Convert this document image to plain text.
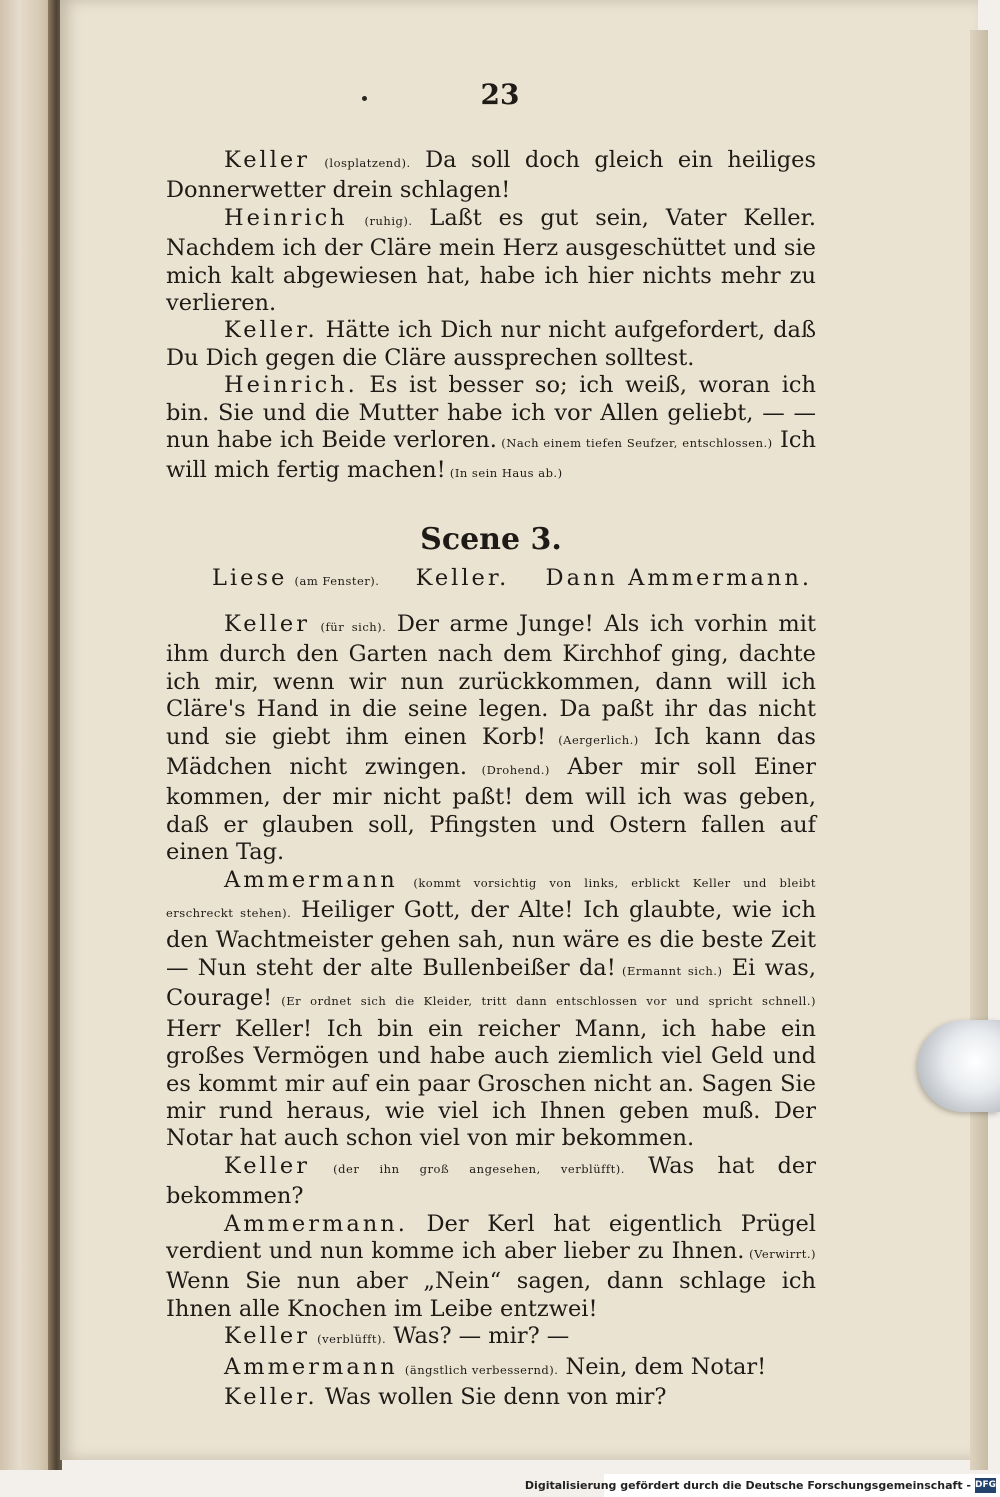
23

Keller (losplatzend). Da soll doch gleich ein heiliges Donnerwetter drein schlagen!

Heinrich (ruhig). Laßt es gut sein, Vater Keller. Nachdem ich der Cläre mein Herz ausgeschüttet und sie mich kalt abgewiesen hat, habe ich hier nichts mehr zu verlieren.

Keller. Hätte ich Dich nur nicht aufgefordert, daß Du Dich gegen die Cläre aussprechen solltest.

Heinrich. Es ist besser so; ich weiß, woran ich bin. Sie und die Mutter habe ich vor Allen geliebt, — — nun habe ich Beide verloren. (Nach einem tiefen Seufzer, entschlossen.) Ich will mich fertig machen! (In sein Haus ab.)

Scene 3.
Liese (am Fenster). Keller. Dann Ammermann.

Keller (für sich). Der arme Junge! Als ich vorhin mit ihm durch den Garten nach dem Kirchhof ging, dachte ich mir, wenn wir nun zurückkommen, dann will ich Cläre's Hand in die seine legen. Da paßt ihr das nicht und sie giebt ihm einen Korb! (Aergerlich.) Ich kann das Mädchen nicht zwingen. (Drohend.) Aber mir soll Einer kommen, der mir nicht paßt! dem will ich was geben, daß er glauben soll, Pfingsten und Ostern fallen auf einen Tag.

Ammermann (kommt vorsichtig von links, erblickt Keller und bleibt erschreckt stehen). Heiliger Gott, der Alte! Ich glaubte, wie ich den Wachtmeister gehen sah, nun wäre es die beste Zeit — Nun steht der alte Bullenbeißer da! (Ermannt sich.) Ei was, Courage! (Er ordnet sich die Kleider, tritt dann entschlossen vor und spricht schnell.) Herr Keller! Ich bin ein reicher Mann, ich habe ein großes Vermögen und habe auch ziemlich viel Geld und es kommt mir auf ein paar Groschen nicht an. Sagen Sie mir rund heraus, wie viel ich Ihnen geben muß. Der Notar hat auch schon viel von mir bekommen.

Keller (der ihn groß angesehen, verblüfft). Was hat der bekommen?

Ammermann. Der Kerl hat eigentlich Prügel verdient und nun komme ich aber lieber zu Ihnen. (Verwirrt.) Wenn Sie nun aber „Nein“ sagen, dann schlage ich Ihnen alle Knochen im Leibe entzwei!

Keller (verblüfft). Was? — mir? —

Ammermann (ängstlich verbessernd). Nein, dem Notar!

Keller. Was wollen Sie denn von mir?

Digitalisierung gefördert durch die Deutsche Forschungsgemeinschaft - DFG
